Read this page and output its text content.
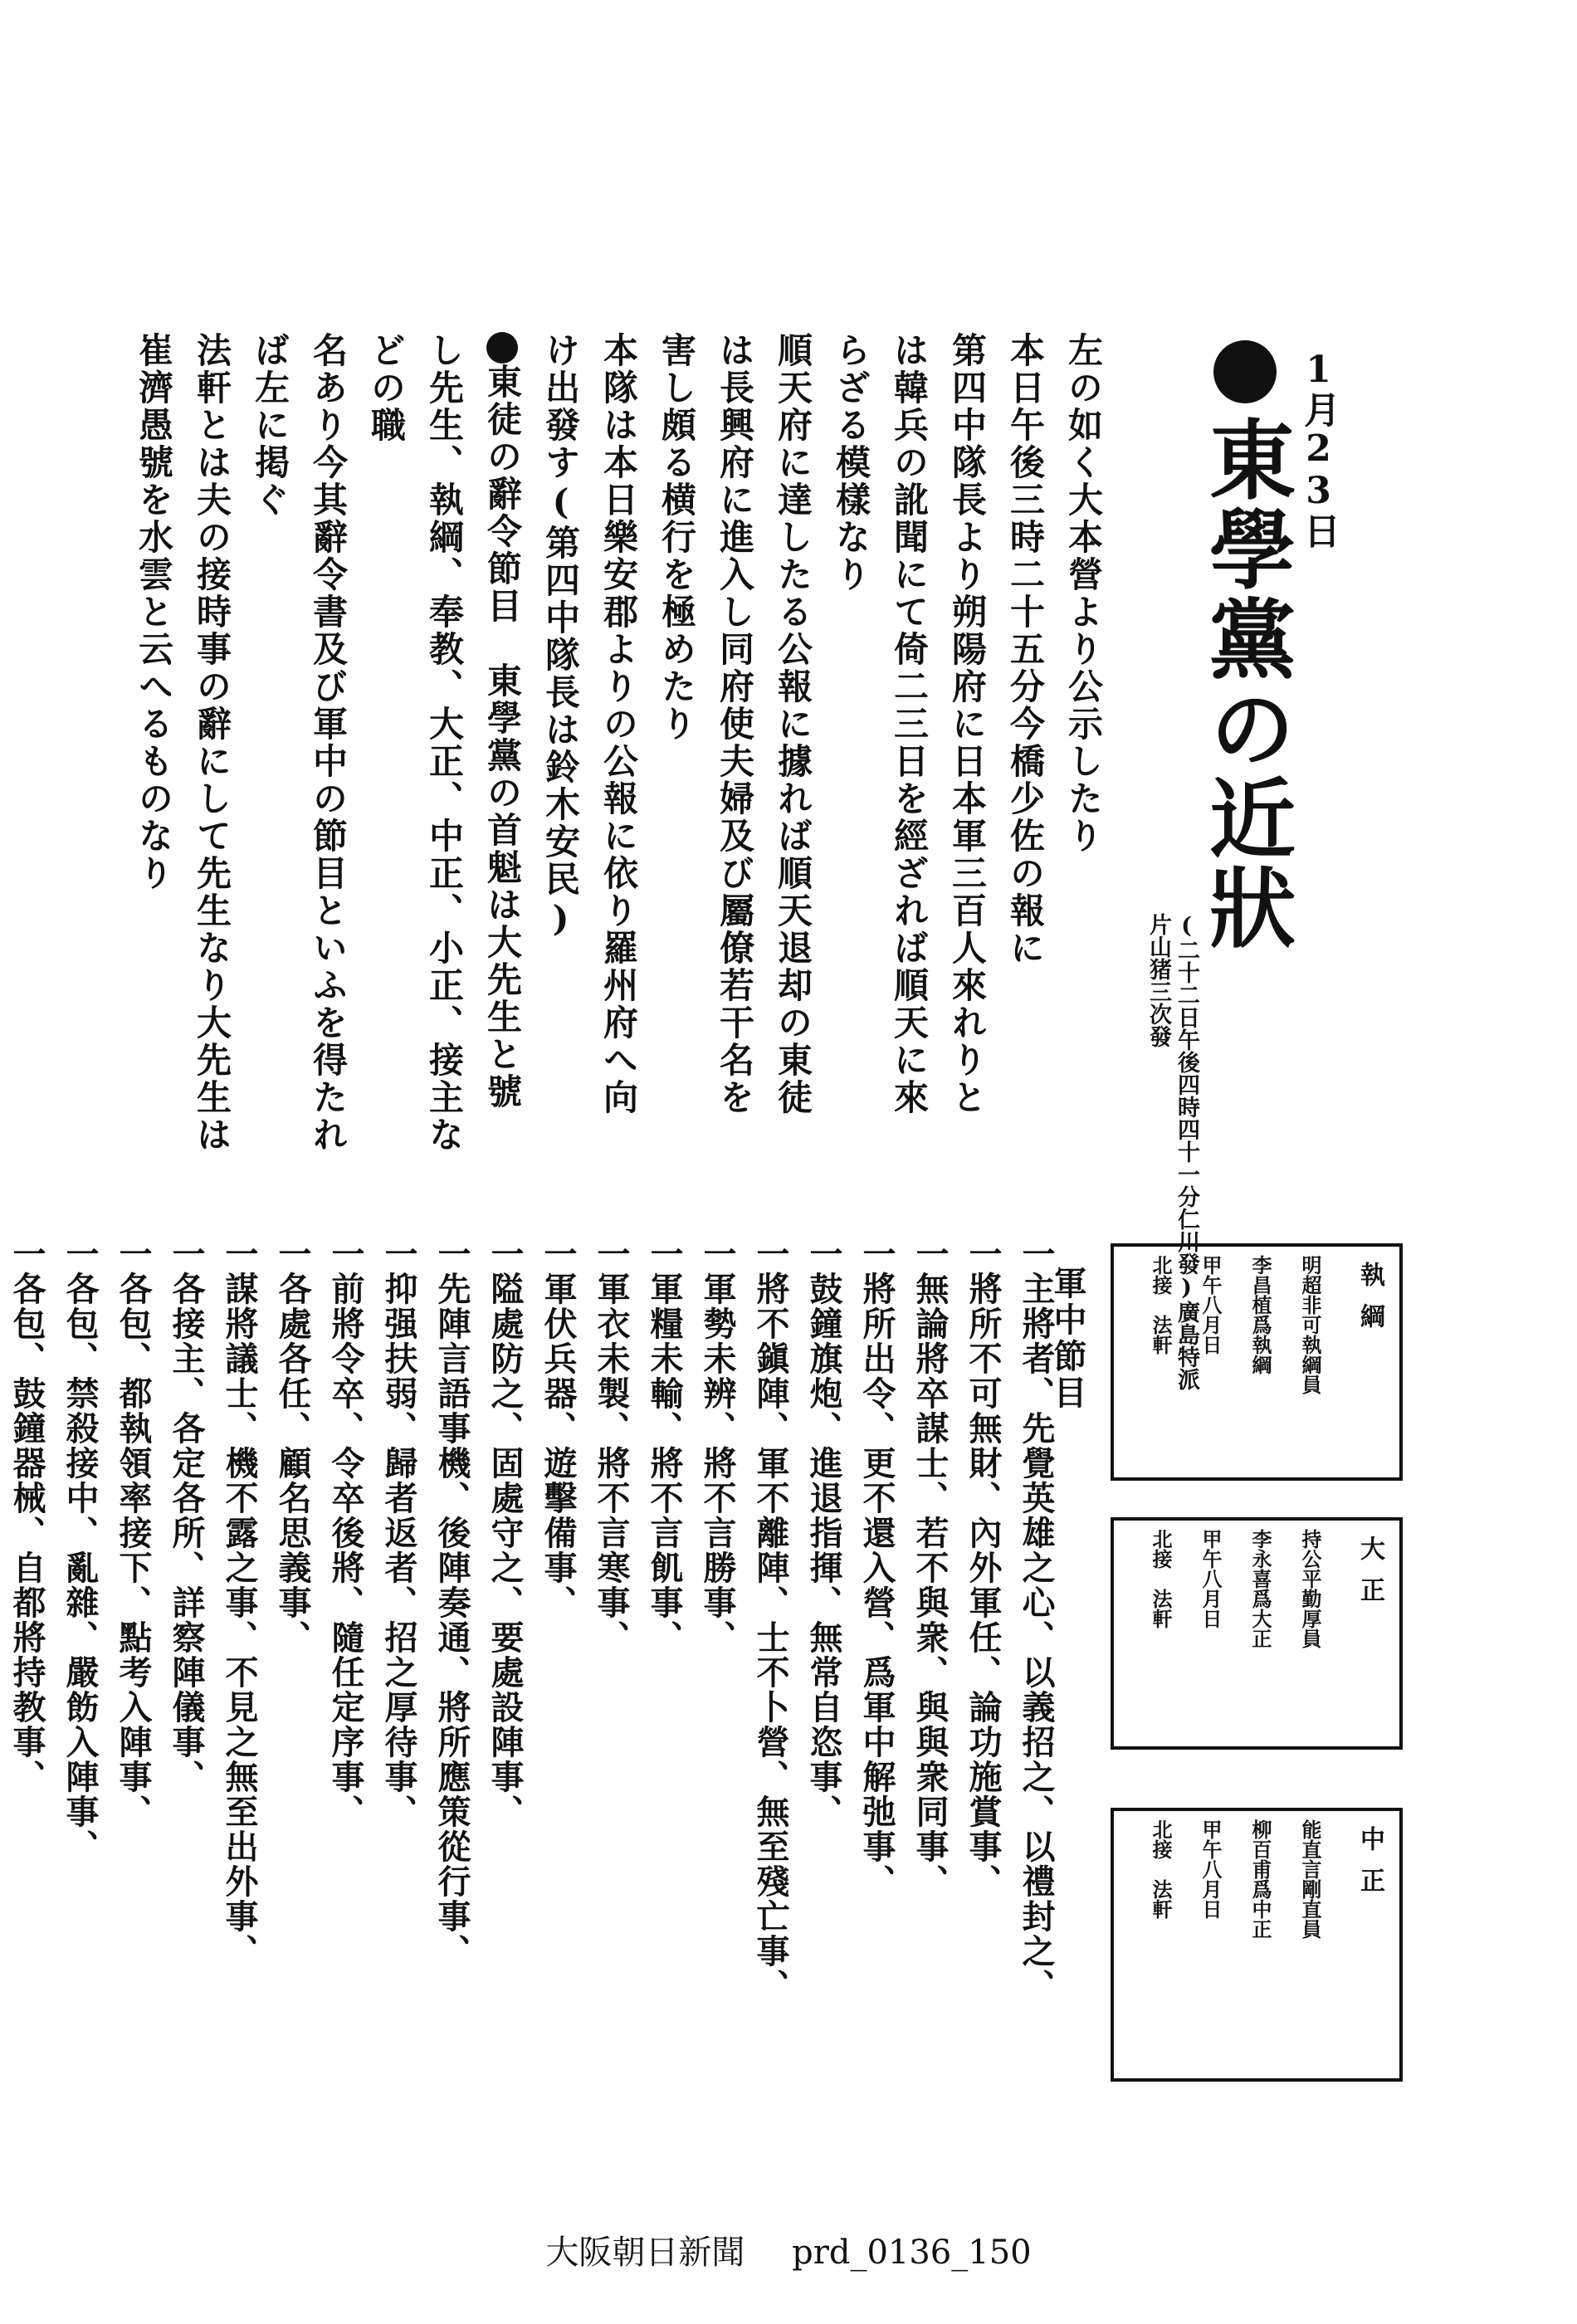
1月23日
東學黨の近狀
(二十二日午後四時四十一分仁川發)廣島特派片山猪三次發

左の如く大本營より公示したり

本日午後三時二十五分今橋少佐の報に

第四中隊長より朔陽府に日本軍三百人來れりと

は韓兵の訛聞にて倚二三日を經ざれば順天に來

らざる模樣なり

順天府に達したる公報に據れば順天退却の東徒

は長興府に進入し同府使夫婦及び屬僚若干名を

害し頗る横行を極めたり

本隊は本日樂安郡よりの公報に依り羅州府へ向

け出發す(第四中隊長は鈴木安民)

東徒の辭令節目　東學黨の首魁は大先生と號

し先生、執綱、奉教、大正、中正、小正、接主などの職

名あり今其辭令書及び軍中の節目といふを得たれ

ば左に掲ぐ

法軒とは夫の接時事の辭にして先生なり大先生は

崔濟愚號を水雲と云へるものなり

執綱
明超非可執綱員
李昌植爲執綱
甲午八月日
北接　法軒
大正
持公平勤厚員
李永喜爲大正
甲午八月日
北接　法軒
中正
能直言剛直員
柳百甫爲中正
甲午八月日
北接　法軒
軍中節目

一主將者、先覺英雄之心、以義招之、以禮封之、

一將所不可無財、內外軍任、論功施賞事、

一無論將卒謀士、若不與衆、與與衆同事、

一將所出令、更不還入營、爲軍中解弛事、

一鼓鐘旗炮、進退指揮、無常自恣事、

一將不鎭陣、軍不離陣、士不卜營、無至殘亡事、

一軍勢未辨、將不言勝事、

一軍糧未輸、將不言飢事、

一軍衣未製、將不言寒事、

一軍伏兵器、遊擊備事、

一隘處防之、固處守之、要處設陣事、

一先陣言語事機、後陣奏通、將所應策從行事、

一抑强扶弱、歸者返者、招之厚待事、

一前將令卒、令卒後將、隨任定序事、

一各處各任、顧名思義事、

一謀將議士、機不露之事、不見之無至出外事、

一各接主、各定各所、詳察陣儀事、

一各包、都執領率接下、點考入陣事、

一各包、禁殺接中、亂雜、嚴飭入陣事、

一各包、鼓鐘器械、自都將持教事、

大阪朝日新聞 prd_0136_150
